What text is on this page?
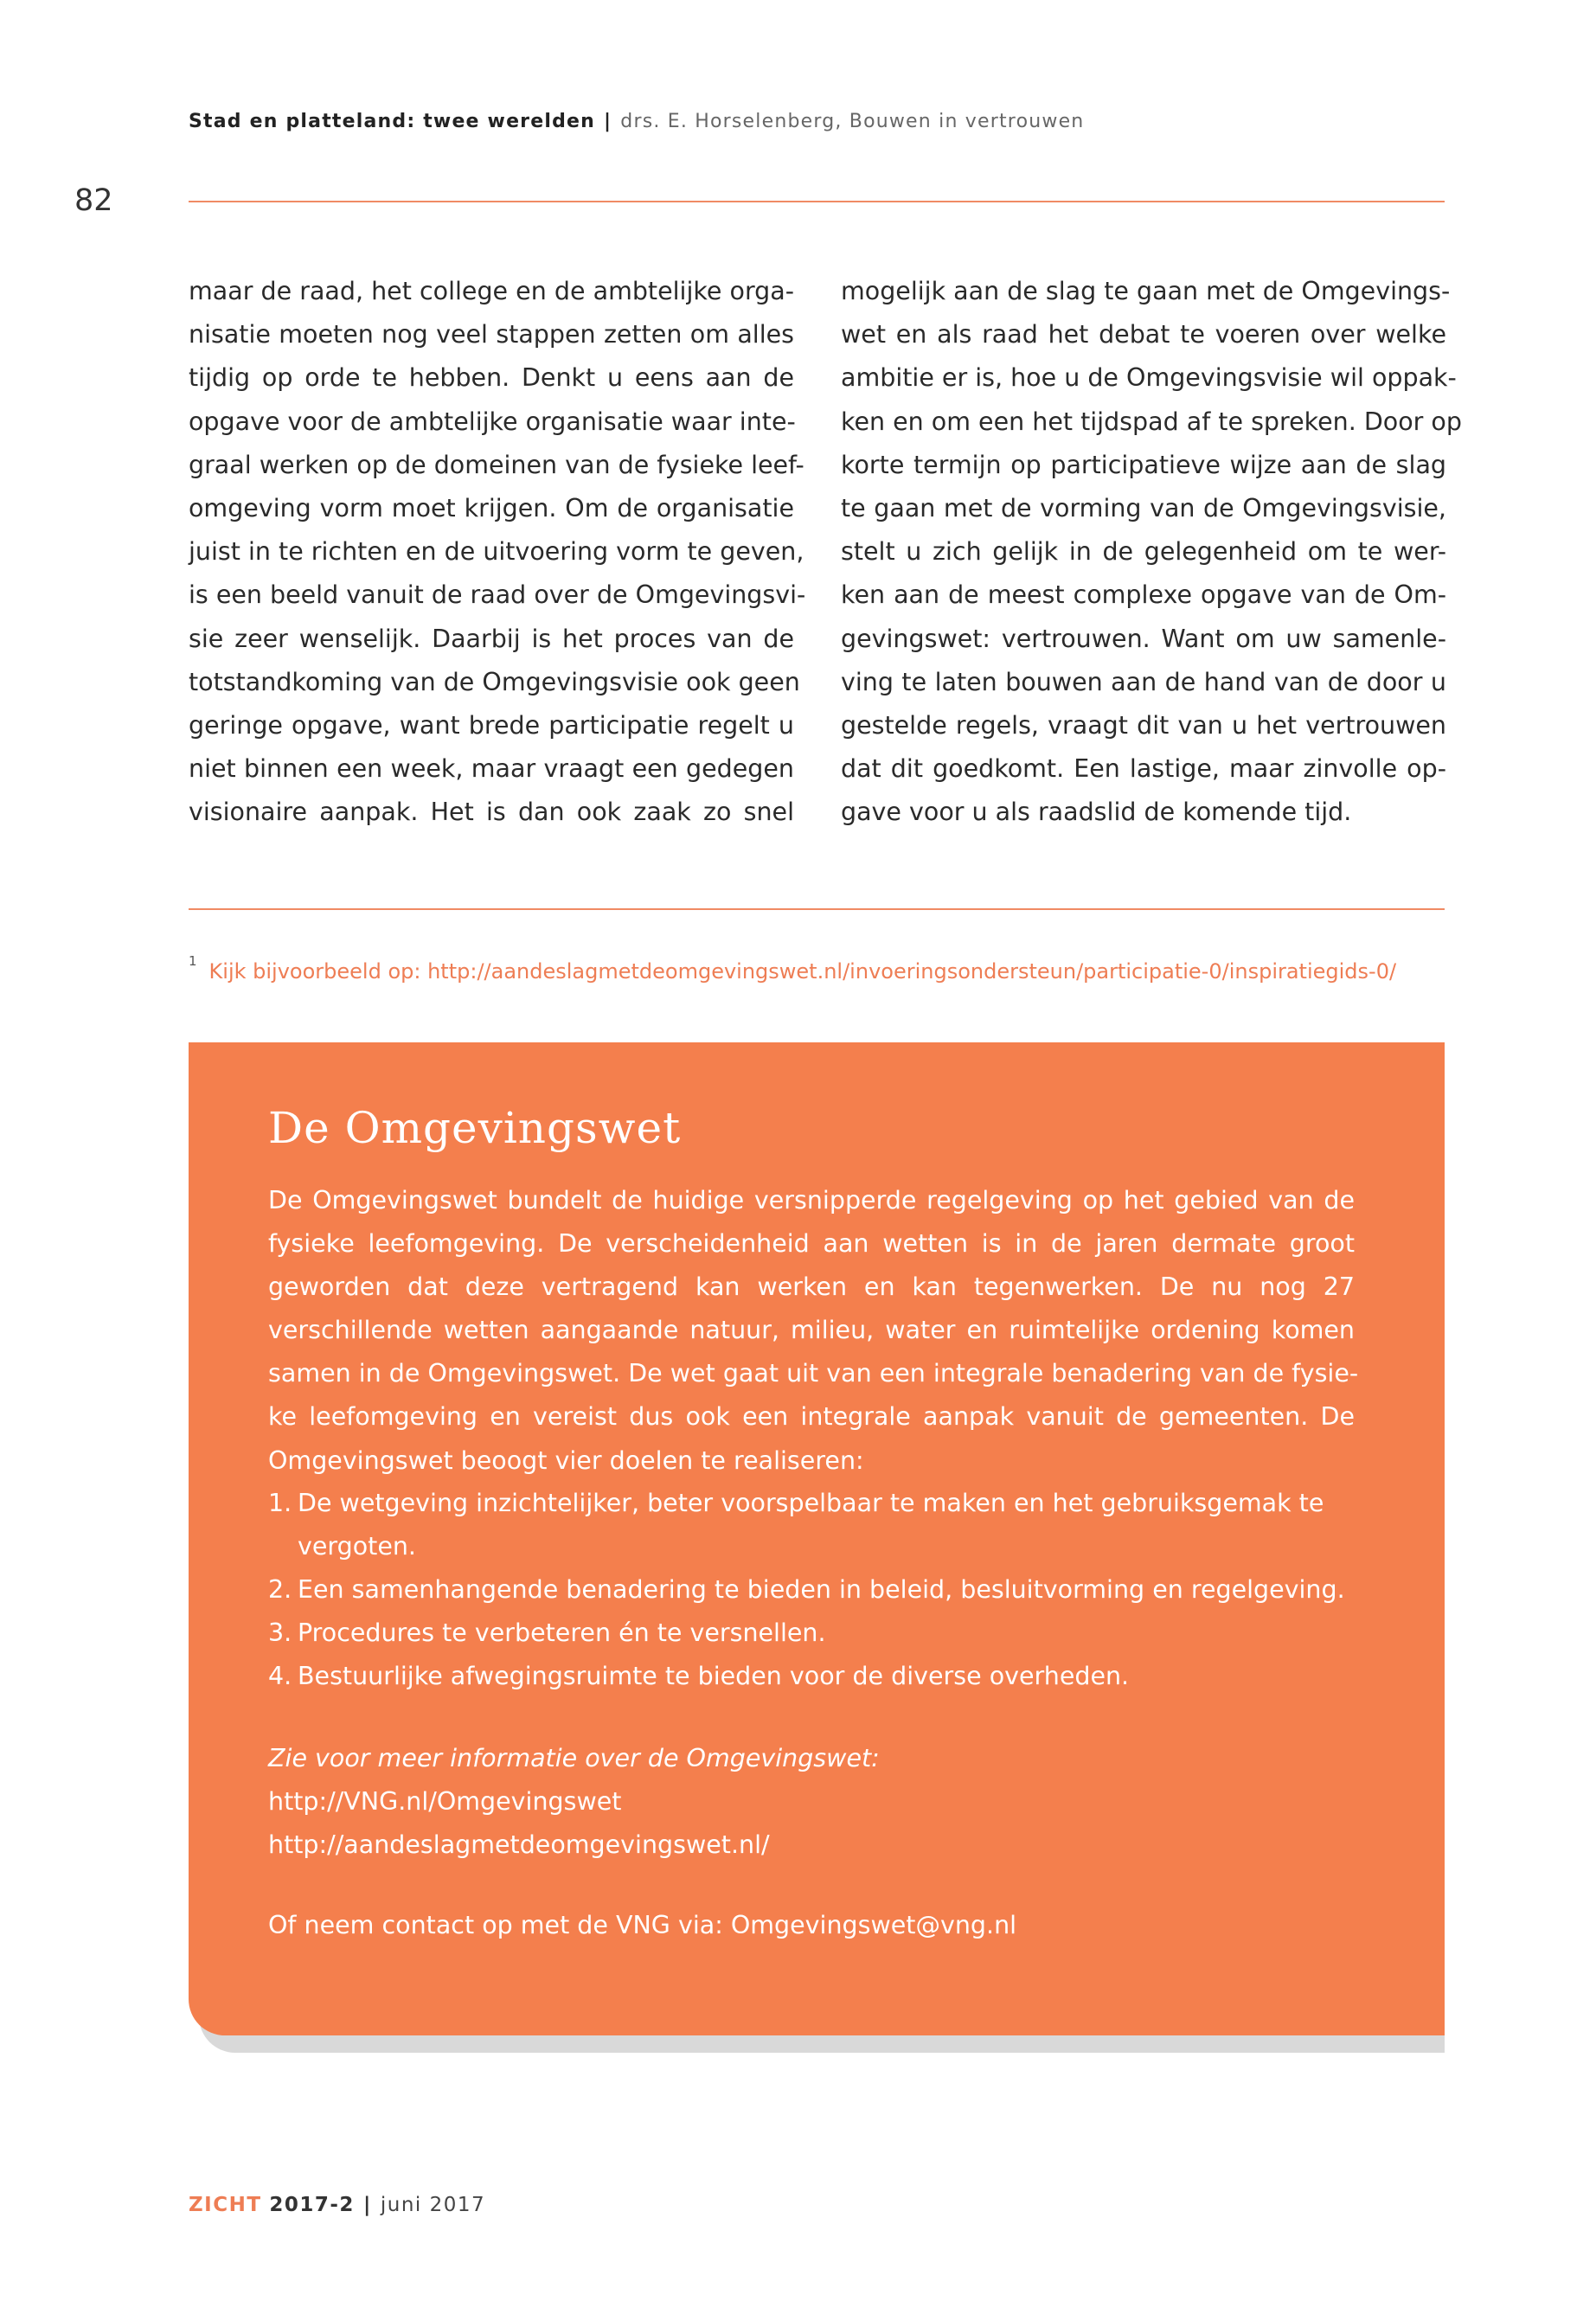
Stad en platteland: twee werelden | drs. E. Horselenberg, Bouwen in vertrouwen
82
maar de raad, het college en de ambtelijke orga-
nisatie moeten nog veel stappen zetten om alles
tijdig op orde te hebben. Denkt u eens aan de
opgave voor de ambtelijke organisatie waar inte-
graal werken op de domeinen van de fysieke leef-
omgeving vorm moet krijgen. Om de organisatie
juist in te richten en de uitvoering vorm te geven,
is een beeld vanuit de raad over de Omgevingsvi-
sie zeer wenselijk. Daarbij is het proces van de
totstandkoming van de Omgevingsvisie ook geen
geringe opgave, want brede participatie regelt u
niet binnen een week, maar vraagt een gedegen
visionaire aanpak. Het is dan ook zaak zo snel
mogelijk aan de slag te gaan met de Omgevings-
wet en als raad het debat te voeren over welke
ambitie er is, hoe u de Omgevingsvisie wil oppak-
ken en om een het tijdspad af te spreken. Door op
korte termijn op participatieve wijze aan de slag
te gaan met de vorming van de Omgevingsvisie,
stelt u zich gelijk in de gelegenheid om te wer-
ken aan de meest complexe opgave van de Om-
gevingswet: vertrouwen. Want om uw samenle-
ving te laten bouwen aan de hand van de door u
gestelde regels, vraagt dit van u het vertrouwen
dat dit goedkomt. Een lastige, maar zinvolle op-
gave voor u als raadslid de komende tijd.
$^1$ Kijk bijvoorbeeld op: http://aandeslagmetdeomgevingswet.nl/invoeringsondersteun/participatie-0/inspiratiegids-0/
De Omgevingswet
De Omgevingswet bundelt de huidige versnipperde regelgeving op het gebied van de
fysieke leefomgeving. De verscheidenheid aan wetten is in de jaren dermate groot
geworden dat deze vertragend kan werken en kan tegenwerken. De nu nog 27
verschillende wetten aangaande natuur, milieu, water en ruimtelijke ordening komen
samen in de Omgevingswet. De wet gaat uit van een integrale benadering van de fysie-
ke leefomgeving en vereist dus ook een integrale aanpak vanuit de gemeenten. De
Omgevingswet beoogt vier doelen te realiseren:
1. De wetgeving inzichtelijker, beter voorspelbaar te maken en het gebruiksgemak te
vergoten.
2. Een samenhangende benadering te bieden in beleid, besluitvorming en regelgeving.
3. Procedures te verbeteren én te versnellen.
4. Bestuurlijke afwegingsruimte te bieden voor de diverse overheden.
Zie voor meer informatie over de Omgevingswet:
http://VNG.nl/Omgevingswet
http://aandeslagmetdeomgevingswet.nl/
Of neem contact op met de VNG via: Omgevingswet@vng.nl
ZICHT 2017-2 | juni 2017
